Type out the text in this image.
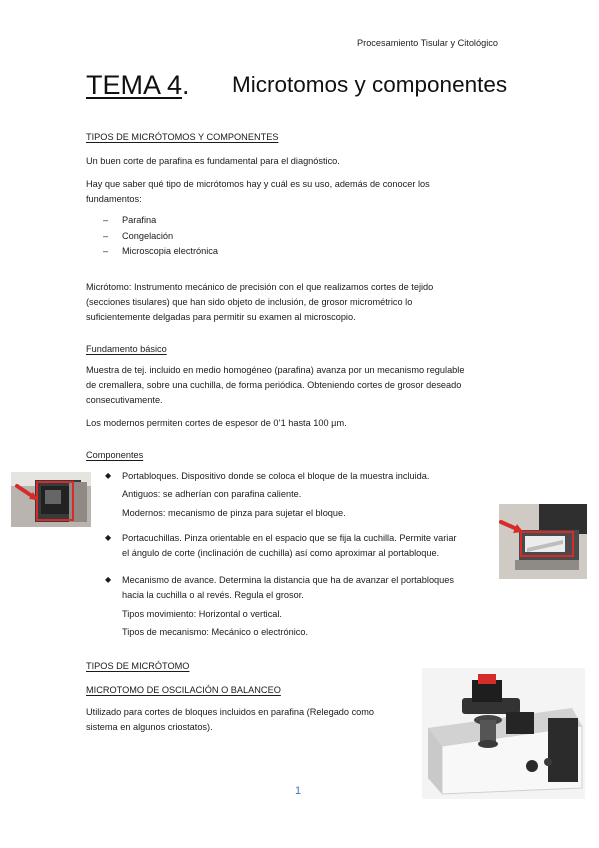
Procesamiento Tisular y Citológico
TEMA 4. Microtomos y componentes
TIPOS DE MICRÓTOMOS Y COMPONENTES
Un buen corte de parafina es fundamental para el diagnóstico.
Hay que saber qué tipo de micrótomos hay y cuál es su uso, además de conocer los
fundamentos:
–	Parafina
–	Congelación
–	Microscopia electrónica
Micrótomo: Instrumento mecánico de precisión con el que realizamos cortes de tejido
(secciones tisulares) que han sido objeto de inclusión, de grosor micrométrico lo
suficientemente delgadas para permitir su examen al microscopio.
Fundamento básico
Muestra de tej. incluido en medio homogéneo (parafina) avanza por un mecanismo regulable
de cremallera, sobre una cuchilla, de forma periódica. Obteniendo cortes de grosor deseado
consecutivamente.
Los modernos permiten cortes de espesor de 0’1 hasta 100 µm.
Componentes
◆ Portabloques. Dispositivo donde se coloca el bloque de la muestra incluida.
Antiguos: se adherían con parafina caliente.
Modernos: mecanismo de pinza para sujetar el bloque.
◆ Portacuchillas. Pinza orientable en el espacio que se fija la cuchilla. Permite variar
el ángulo de corte (inclinación de cuchilla) así como aproximar al portabloque.
◆ Mecanismo de avance. Determina la distancia que ha de avanzar el portabloques
hacia la cuchilla o al revés. Regula el grosor.
Tipos movimiento: Horizontal o vertical.
Tipos de mecanismo: Mecánico o electrónico.
TIPOS DE MICRÓTOMO
MICROTOMO DE OSCILACIÓN O BALANCEO
Utilizado para cortes de bloques incluidos en parafina (Relegado como
sistema en algunos criostatos).
1
